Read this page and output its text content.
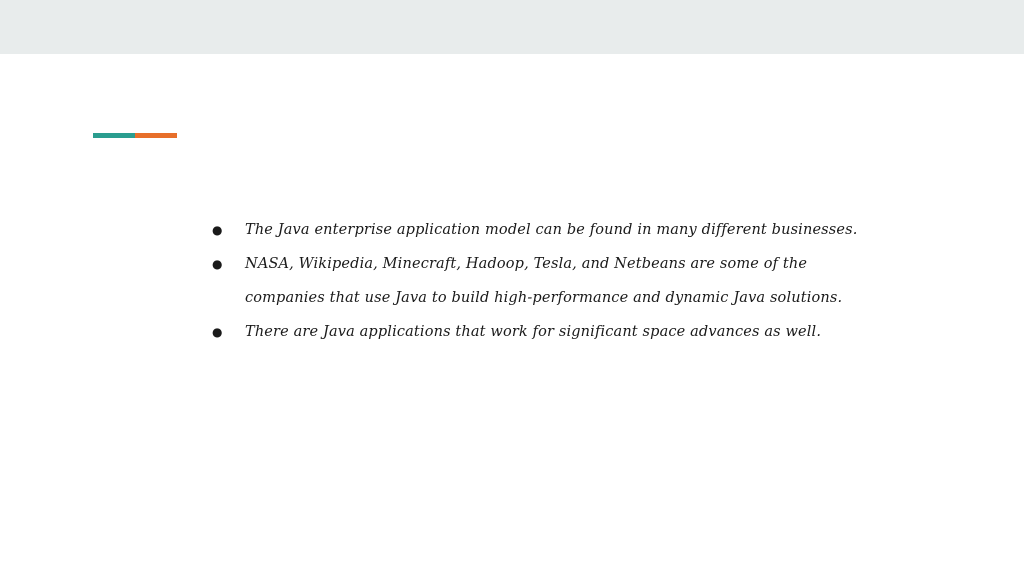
● The Java enterprise application model can be found in many different businesses.
● NASA, Wikipedia, Minecraft, Hadoop, Tesla, and Netbeans are some of the
companies that use Java to build high-performance and dynamic Java solutions.
● There are Java applications that work for significant space advances as well.
